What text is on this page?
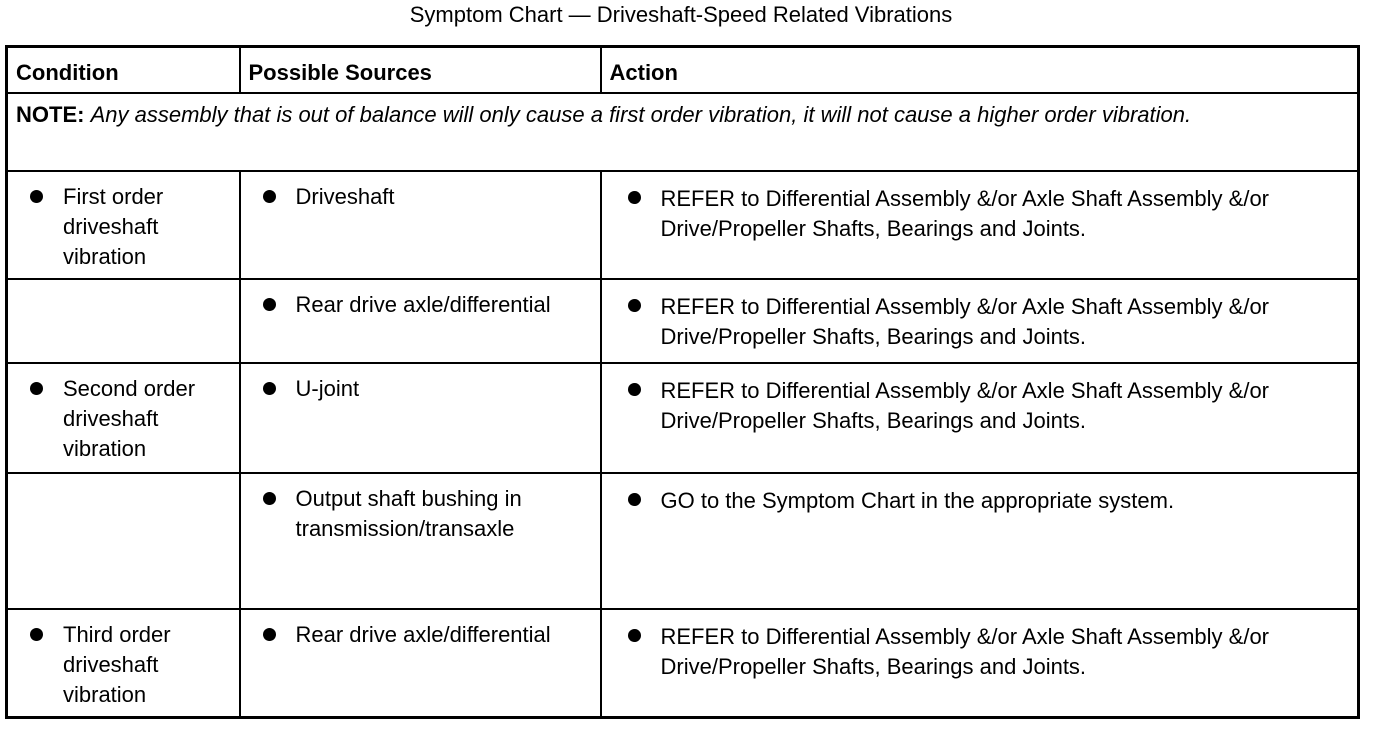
Symptom Chart — Driveshaft-Speed Related Vibrations
Condition	Possible Sources	Action
NOTE: Any assembly that is out of balance will only cause a first order vibration, it will not cause a higher order vibration.		

First order driveshaft vibration	Driveshaft	REFER to Differential Assembly &/or Axle Shaft Assembly &/or Drive/Propeller Shafts, Bearings and Joints.

	Rear drive axle/differential	REFER to Differential Assembly &/or Axle Shaft Assembly &/or Drive/Propeller Shafts, Bearings and Joints.

Second order driveshaft vibration	U-joint	REFER to Differential Assembly &/or Axle Shaft Assembly &/or Drive/Propeller Shafts, Bearings and Joints.

	Output shaft bushing in transmission/transaxle	GO to the Symptom Chart in the appropriate system.

Third order driveshaft vibration	Rear drive axle/differential	REFER to Differential Assembly &/or Axle Shaft Assembly &/or Drive/Propeller Shafts, Bearings and Joints.
